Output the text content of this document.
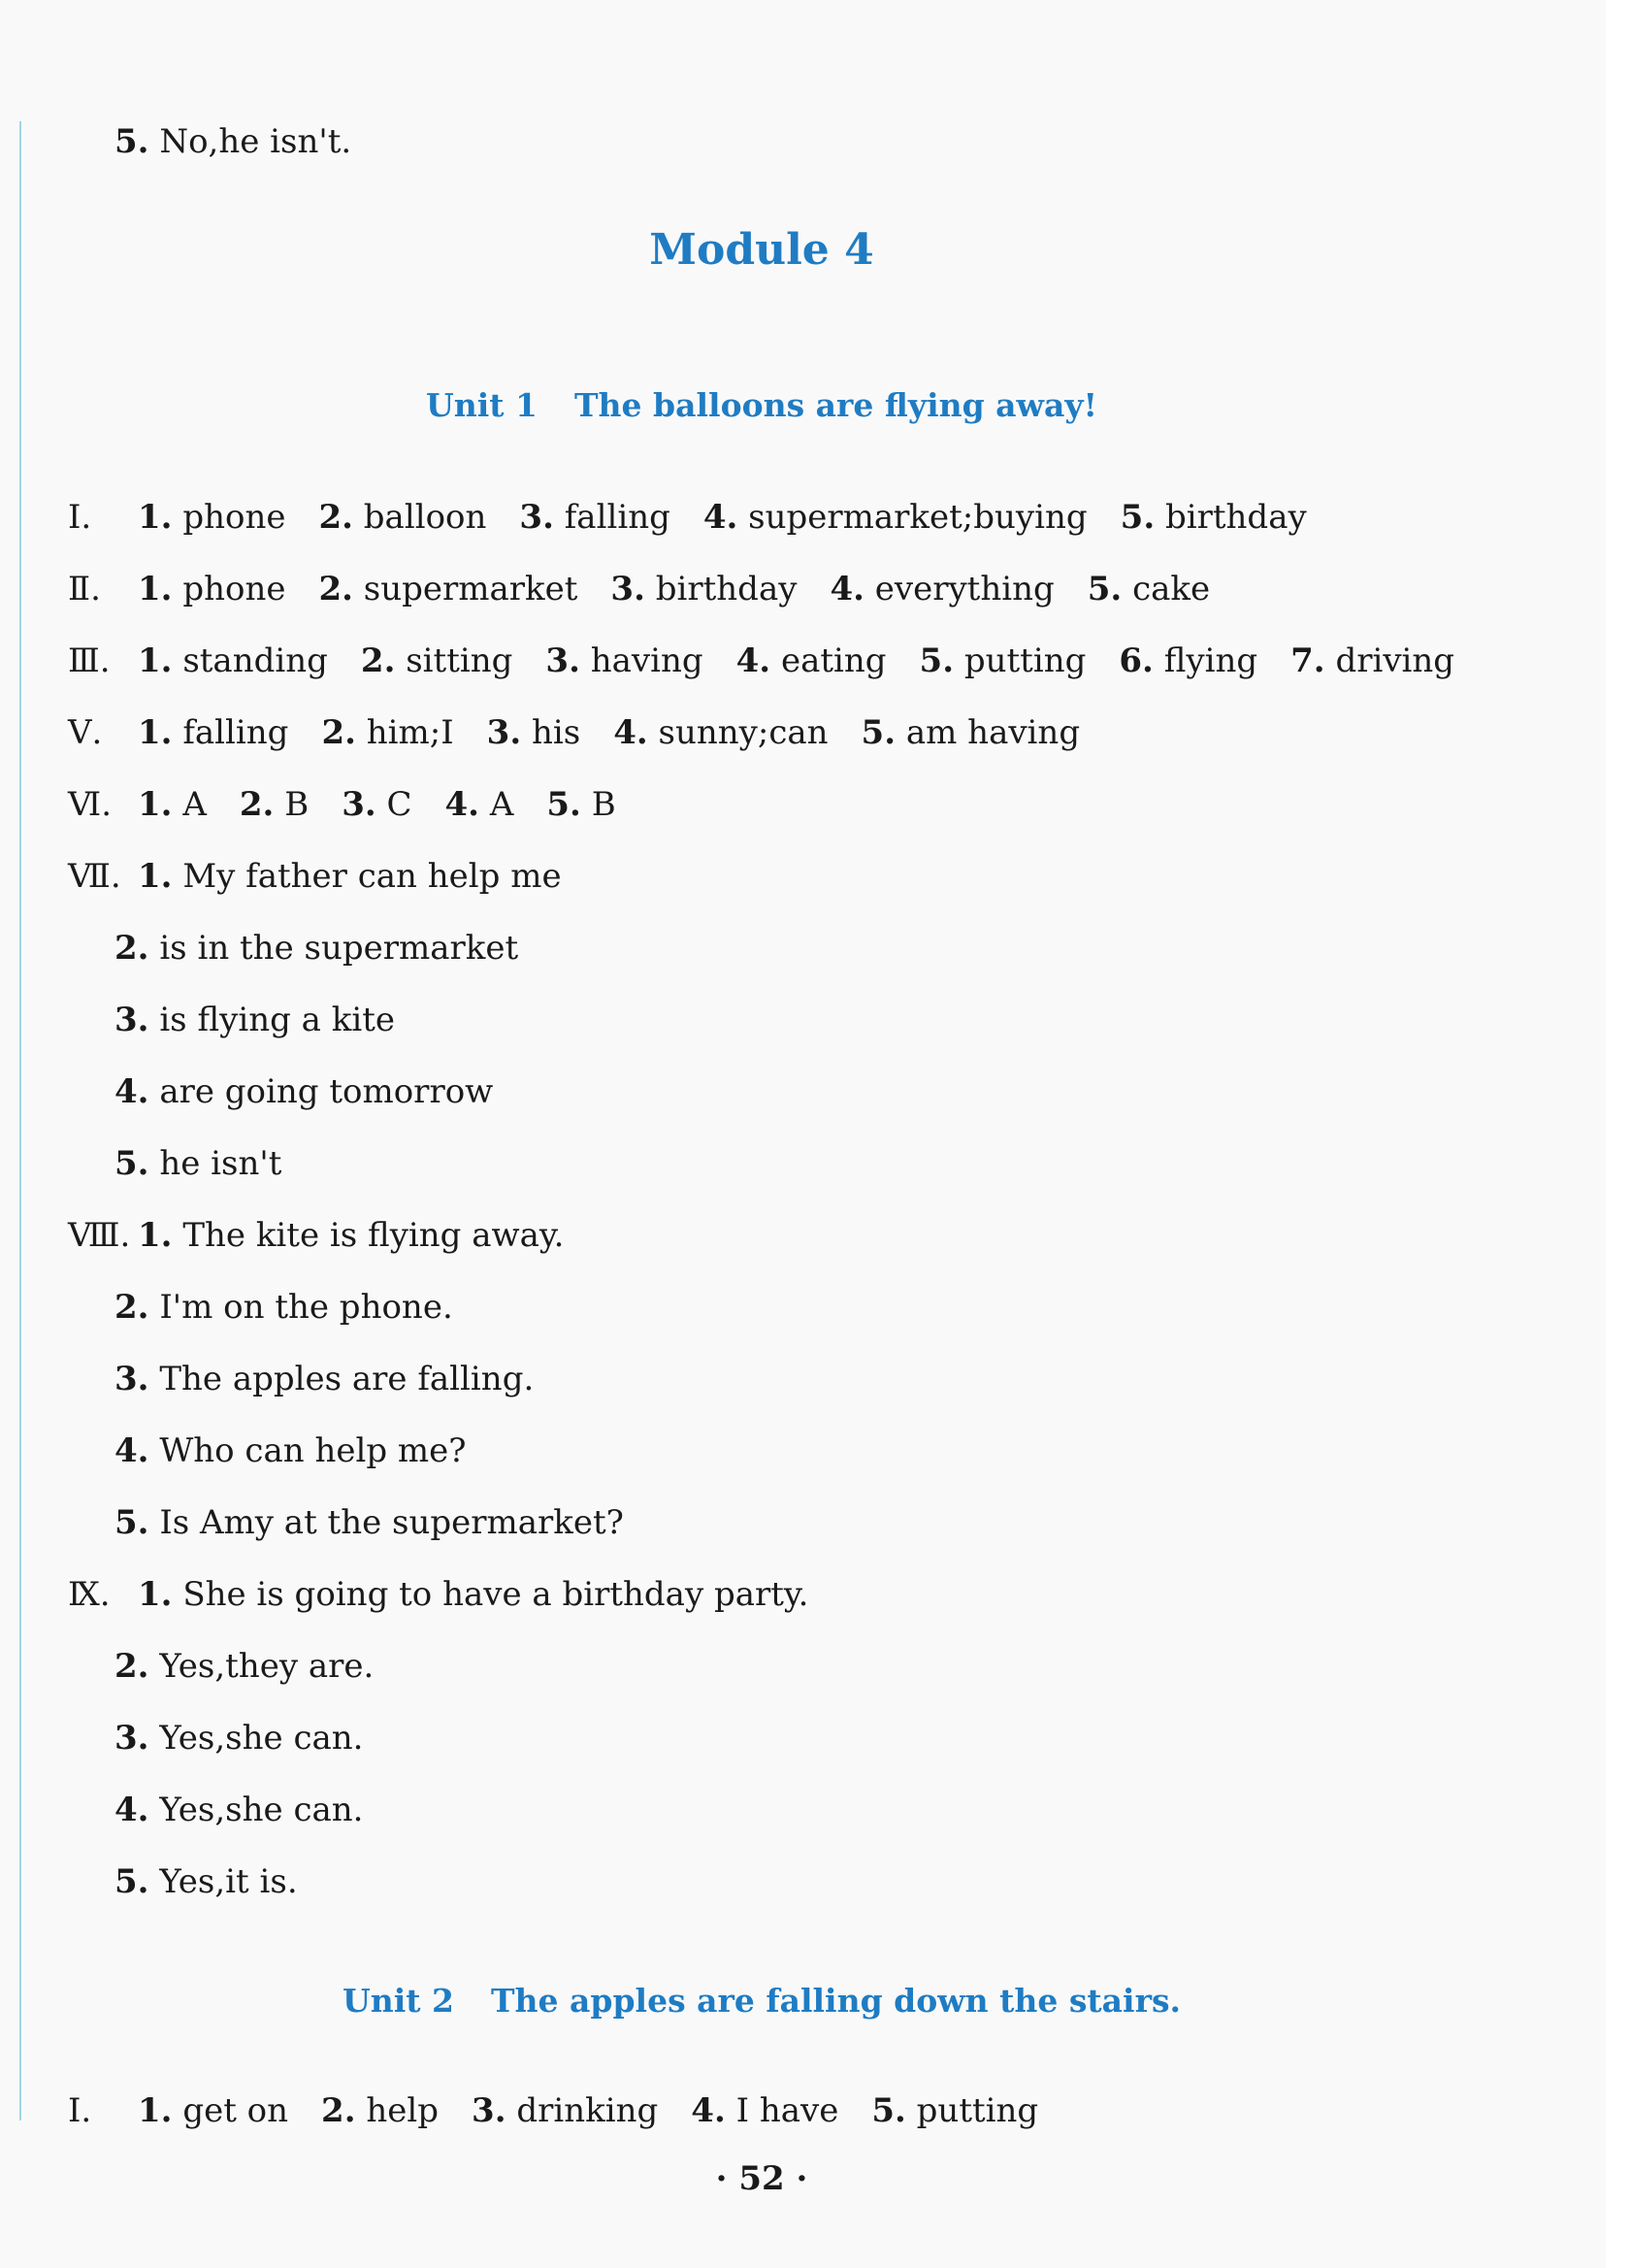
5. No,he isn't.
Module 4
Unit 1 The balloons are flying away!
Ⅰ. 1. phone 2. balloon 3. falling 4. supermarket;buying 5. birthday
Ⅱ. 1. phone 2. supermarket 3. birthday 4. everything 5. cake
Ⅲ. 1. standing 2. sitting 3. having 4. eating 5. putting 6. flying 7. driving
Ⅴ. 1. falling 2. him;I 3. his 4. sunny;can 5. am having
Ⅵ. 1. A 2. B 3. C 4. A 5. B
Ⅶ. 1. My father can help me
2. is in the supermarket
3. is flying a kite
4. are going tomorrow
5. he isn't
Ⅷ. 1. The kite is flying away.
2. I'm on the phone.
3. The apples are falling.
4. Who can help me?
5. Is Amy at the supermarket?
Ⅸ. 1. She is going to have a birthday party.
2. Yes,they are.
3. Yes,she can.
4. Yes,she can.
5. Yes,it is.
Unit 2 The apples are falling down the stairs.
Ⅰ. 1. get on 2. help 3. drinking 4. I have 5. putting
· 52 ·
